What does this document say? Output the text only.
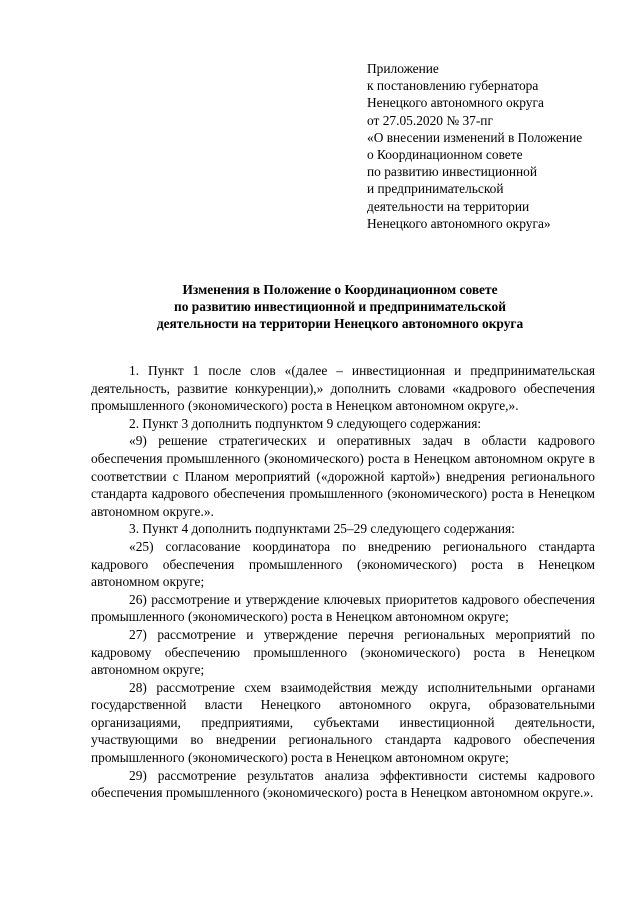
Приложение
к постановлению губернатора
Ненецкого автономного округа
от 27.05.2020 № 37-пг
«О внесении изменений в Положение
о Координационном совете
по развитию инвестиционной
и предпринимательской
деятельности на территории
Ненецкого автономного округа»
Изменения в Положение о Координационном совете
по развитию инвестиционной и предпринимательской
деятельности на территории Ненецкого автономного округа

1. Пункт 1 после слов «(далее – инвестиционная и предпринимательская деятельность, развитие конкуренции),» дополнить словами «кадрового обеспечения промышленного (экономического) роста в Ненецком автономном округе,».

2. Пункт 3 дополнить подпунктом 9 следующего содержания:

«9) решение стратегических и оперативных задач в области кадрового обеспечения промышленного (экономического) роста в Ненецком автономном округе в соответствии с Планом мероприятий («дорожной картой») внедрения регионального стандарта кадрового обеспечения промышленного (экономического) роста в Ненецком автономном округе.».

3. Пункт 4 дополнить подпунктами 25–29 следующего содержания:

«25) согласование координатора по внедрению регионального стандарта кадрового обеспечения промышленного (экономического) роста в Ненецком автономном округе;

26) рассмотрение и утверждение ключевых приоритетов кадрового обеспечения промышленного (экономического) роста в Ненецком автономном округе;

27) рассмотрение и утверждение перечня региональных мероприятий по кадровому обеспечению промышленного (экономического) роста в Ненецком автономном округе;

28) рассмотрение схем взаимодействия между исполнительными органами государственной власти Ненецкого автономного округа, образовательными организациями, предприятиями, субъектами инвестиционной деятельности, участвующими во внедрении регионального стандарта кадрового обеспечения промышленного (экономического) роста в Ненецком автономном округе;

29) рассмотрение результатов анализа эффективности системы кадрового обеспечения промышленного (экономического) роста в Ненецком автономном округе.».
